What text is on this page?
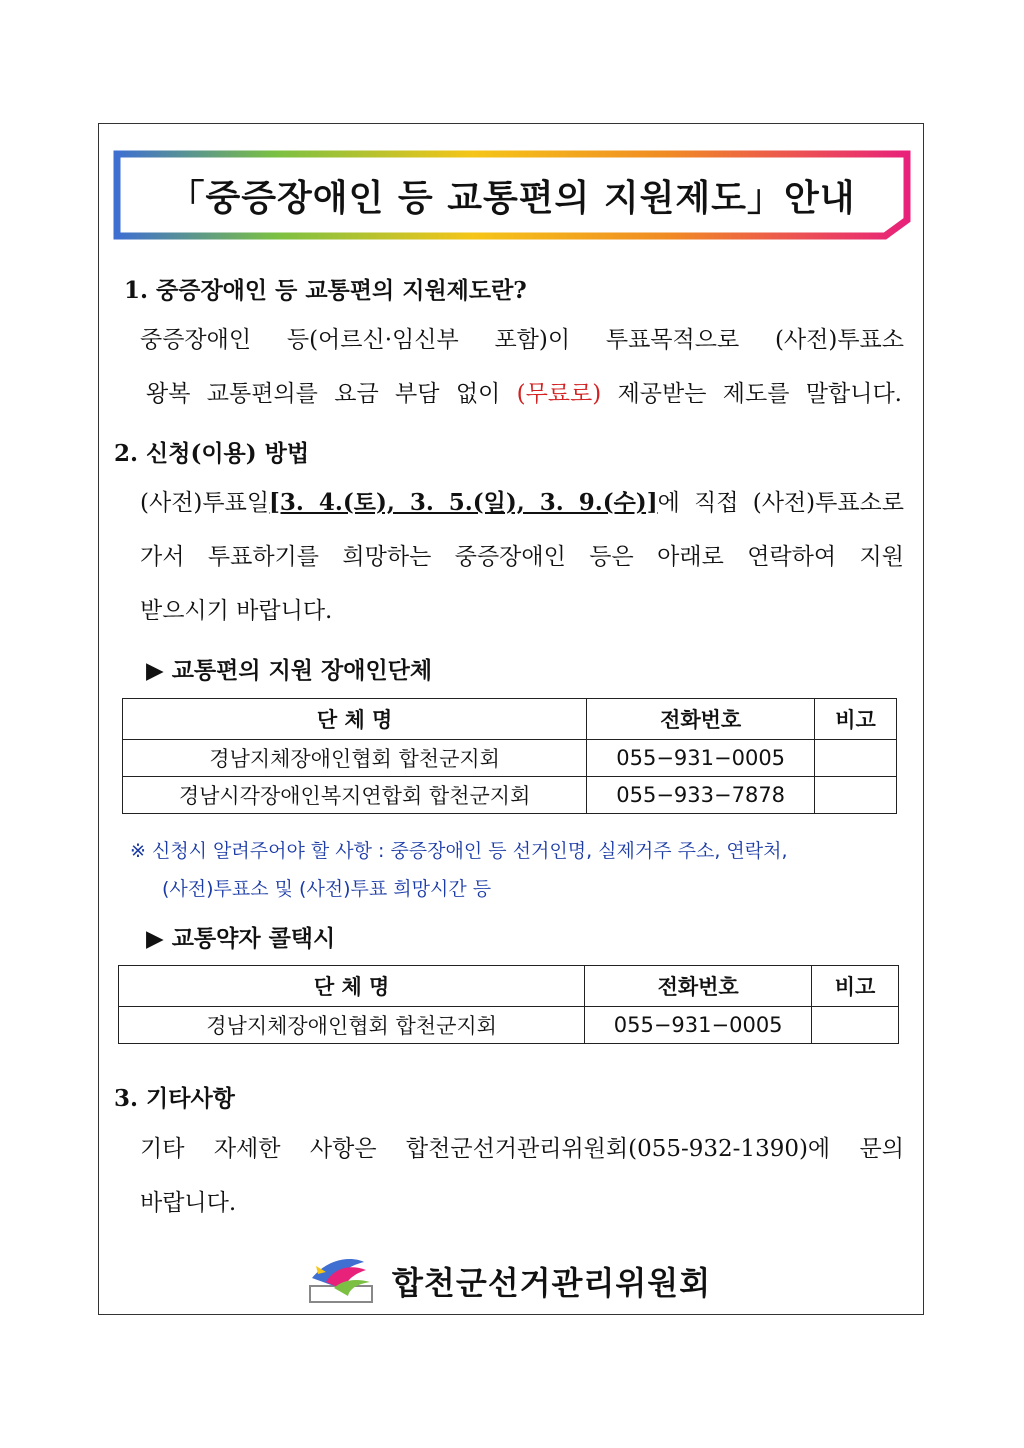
「중증장애인 등 교통편의 지원제도」안내
1. 중증장애인 등 교통편의 지원제도란?
중증장애인 등(어르신·임신부 포함)이 투표목적으로 (사전)투표소
왕복 교통편의를 요금 부담 없이 (무료로) 제공받는 제도를 말합니다.
2. 신청(이용) 방법
(사전)투표일[3. 4.(토), 3. 5.(일), 3. 9.(수)]에 직접 (사전)투표소로
가서 투표하기를 희망하는 중증장애인 등은 아래로 연락하여 지원
받으시기 바랍니다.
▶ 교통편의 지원 장애인단체
단 체 명	전화번호	비고
경남지체장애인협회 합천군지회	055−931−0005	
경남시각장애인복지연합회 합천군지회	055−933−7878	
※ 신청시 알려주어야 할 사항 : 중증장애인 등 선거인명, 실제거주 주소, 연락처,
(사전)투표소 및 (사전)투표 희망시간 등
▶ 교통약자 콜택시
단 체 명	전화번호	비고
경남지체장애인협회 합천군지회	055−931−0005	
3. 기타사항
기타 자세한 사항은 합천군선거관리위원회(055-932-1390)에 문의
바랍니다.
합천군선거관리위원회
